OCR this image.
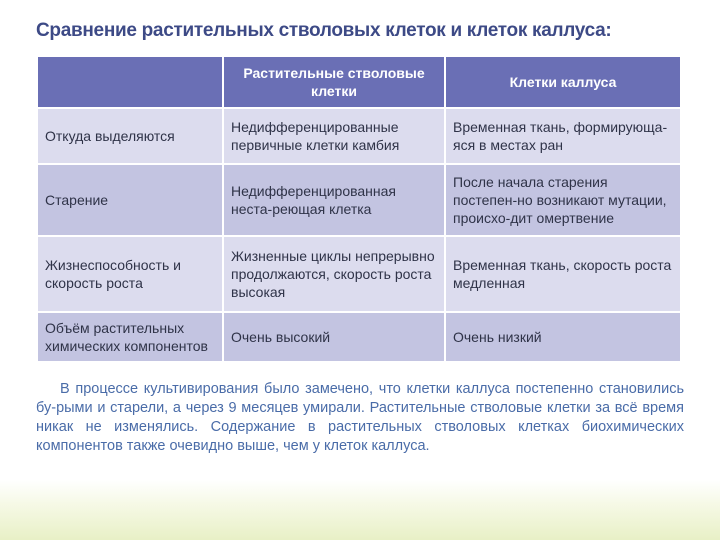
Сравнение растительных стволовых клеток и клеток каллуса:
	Растительные стволовые клетки	Клетки каллуса
Откуда выделяются	Недифференцированные первичные клетки камбия	Временная ткань, формирующа-яся в местах ран
Старение	Недифференцированная неста-реющая клетка	После начала старения постепен-но возникают мутации, происхо-дит омертвение
Жизнеспособность и скорость роста	Жизненные циклы непрерывно продолжаются, скорость роста высокая	Временная ткань, скорость роста медленная
Объём растительных химических компонентов	Очень высокий	Очень низкий
В процессе культивирования было замечено, что клетки каллуса постепенно становились бу-рыми и старели, а через 9 месяцев умирали. Растительные стволовые клетки за всё время никак не изменялись. Содержание в растительных стволовых клетках биохимических компонентов также очевидно выше, чем у клеток каллуса.
